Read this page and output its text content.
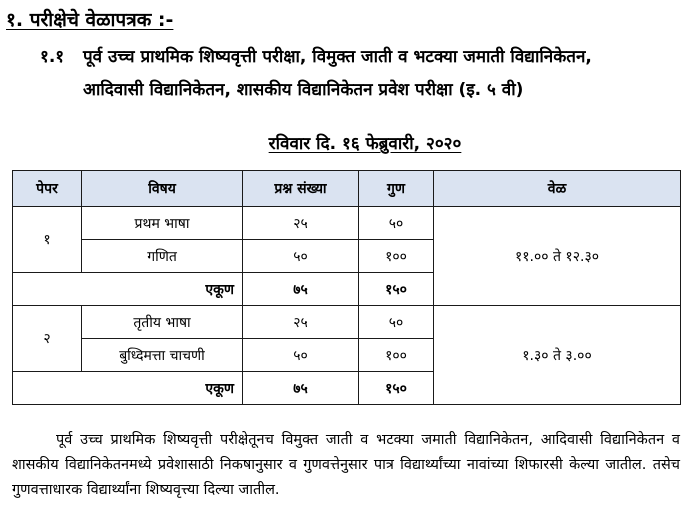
१. परीक्षेचे वेळापत्रक :-
१.१ पूर्व उच्च प्राथमिक शिष्यवृत्ती परीक्षा, विमुक्त जाती व भटक्या जमाती विद्यानिकेतन,
आदिवासी विद्यानिकेतन, शासकीय विद्यानिकेतन प्रवेश परीक्षा (इ. ५ वी)
रविवार दि. १६ फेब्रुवारी, २०२०
पेपर	विषय	प्रश्न संख्या	गुण	वेळ
१	प्रथम भाषा	२५	५०	११.०० ते १२.३०
	गणित	५०	१००	
एकूण		७५	१५०	
२	तृतीय भाषा	२५	५०	१.३० ते ३.००
	बुध्दिमत्ता चाचणी	५०	१००	
एकूण		७५	१५०	
पूर्व उच्च प्राथमिक शिष्यवृत्ती परीक्षेतूनच विमुक्त जाती व भटक्या जमाती विद्यानिकेतन, आदिवासी विद्यानिकेतन व शासकीय विद्यानिकेतनमध्ये प्रवेशासाठी निकषानुसार व गुणवत्तेनुसार पात्र विद्यार्थ्यांच्या नावांच्या शिफारसी केल्या जातील. तसेच गुणवत्ताधारक विद्यार्थ्यांना शिष्यवृत्त्या दिल्या जातील.
